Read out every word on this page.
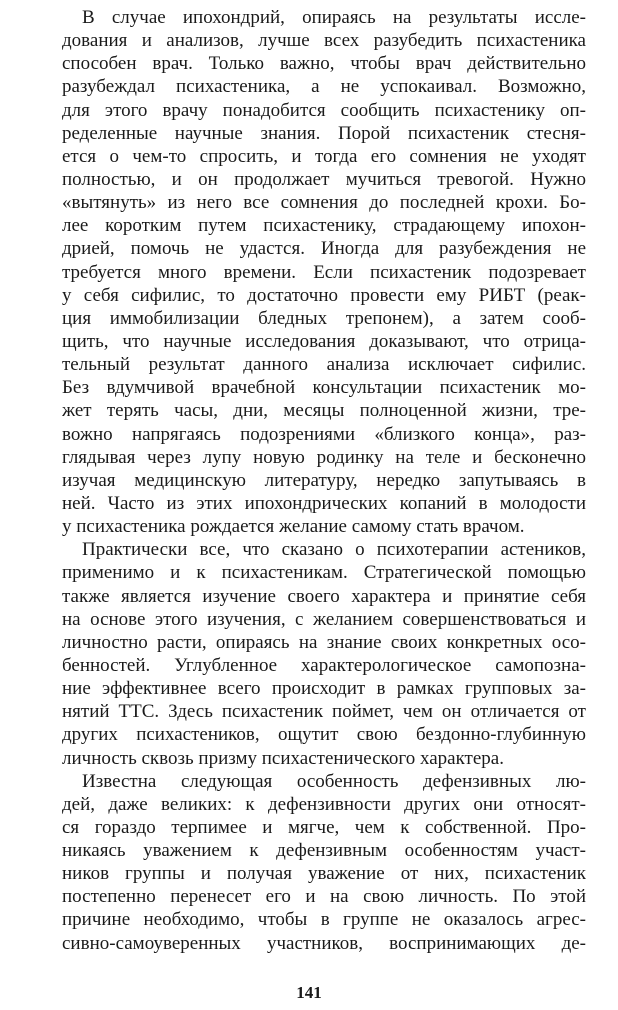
В случае ипохондрий, опираясь на результаты иссле-
дования и анализов, лучше всех разубедить психастеника
способен врач. Только важно, чтобы врач действительно
разубеждал психастеника, а не успокаивал. Возможно,
для этого врачу понадобится сообщить психастенику оп-
ределенные научные знания. Порой психастеник стесня-
ется о чем-то спросить, и тогда его сомнения не уходят
полностью, и он продолжает мучиться тревогой. Нужно
«вытянуть» из него все сомнения до последней крохи. Бо-
лее коротким путем психастенику, страдающему ипохон-
дрией, помочь не удастся. Иногда для разубеждения не
требуется много времени. Если психастеник подозревает
у себя сифилис, то достаточно провести ему РИБТ (реак-
ция иммобилизации бледных трепонем), а затем сооб-
щить, что научные исследования доказывают, что отрица-
тельный результат данного анализа исключает сифилис.
Без вдумчивой врачебной консультации психастеник мо-
жет терять часы, дни, месяцы полноценной жизни, тре-
вожно напрягаясь подозрениями «близкого конца», раз-
глядывая через лупу новую родинку на теле и бесконечно
изучая медицинскую литературу, нередко запутываясь в
ней. Часто из этих ипохондрических копаний в молодости
у психастеника рождается желание самому стать врачом.
Практически все, что сказано о психотерапии астеников,
применимо и к психастеникам. Стратегической помощью
также является изучение своего характера и принятие себя
на основе этого изучения, с желанием совершенствоваться и
личностно расти, опираясь на знание своих конкретных осо-
бенностей. Углубленное характерологическое самопозна-
ние эффективнее всего происходит в рамках групповых за-
нятий ТТС. Здесь психастеник поймет, чем он отличается от
других психастеников, ощутит свою бездонно-глубинную
личность сквозь призму психастенического характера.
Известна следующая особенность дефензивных лю-
дей, даже великих: к дефензивности других они относят-
ся гораздо терпимее и мягче, чем к собственной. Про-
никаясь уважением к дефензивным особенностям участ-
ников группы и получая уважение от них, психастеник
постепенно перенесет его и на свою личность. По этой
причине необходимо, чтобы в группе не оказалось агрес-
сивно-самоуверенных участников, воспринимающих де-
141
